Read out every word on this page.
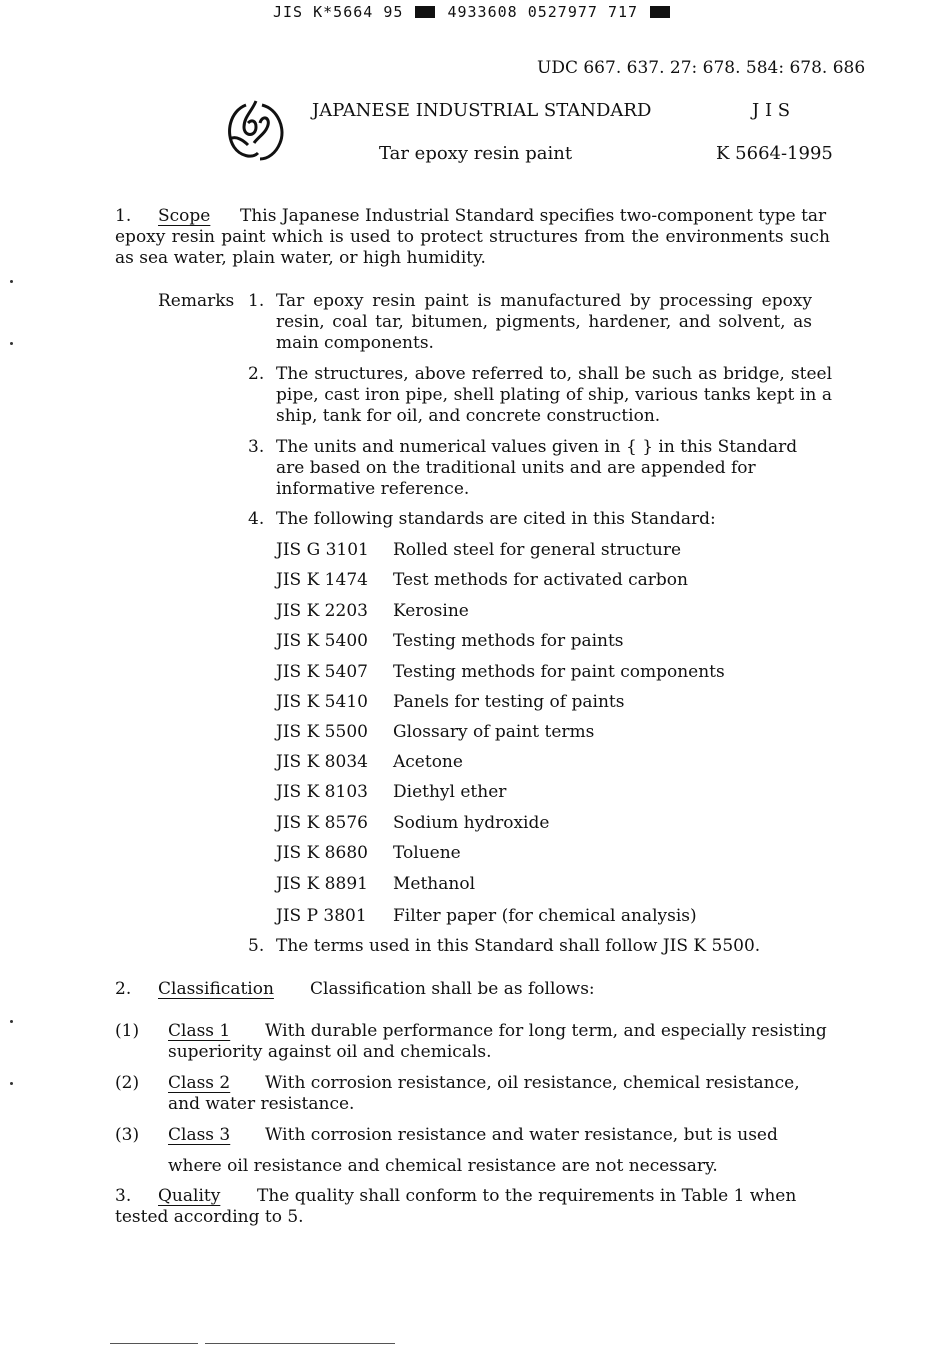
JIS K*5664 95	4933608 0527977 717
UDC 667. 637. 27: 678. 584: 678. 686
JAPANESE INDUSTRIAL STANDARD	J I S
Tar epoxy resin paint	K 5664-1995
1. Scope This Japanese Industrial Standard specifies two-component type tar
epoxy resin paint which is used to protect structures from the environments such as sea water, plain water, or high humidity.
Remarks 1. Tar epoxy resin paint is manufactured by processing epoxy resin, coal tar, bitumen, pigments, hardener, and solvent, as main components.
2. The structures, above referred to, shall be such as bridge, steel pipe, cast iron pipe, shell plating of ship, various tanks kept in a ship, tank for oil, and concrete construction.
3. The units and numerical values given in { } in this Standard are based on the traditional units and are appended for informative reference.
4. The following standards are cited in this Standard:
JIS G 3101 Rolled steel for general structure
JIS K 1474 Test methods for activated carbon
JIS K 2203 Kerosine
JIS K 5400 Testing methods for paints
JIS K 5407 Testing methods for paint components
JIS K 5410 Panels for testing of paints
JIS K 5500 Glossary of paint terms
JIS K 8034 Acetone
JIS K 8103 Diethyl ether
JIS K 8576 Sodium hydroxide
JIS K 8680 Toluene
JIS K 8891 Methanol
JIS P 3801 Filter paper (for chemical analysis)
5. The terms used in this Standard shall follow JIS K 5500.
2. Classification Classification shall be as follows:
(1) Class 1 With durable performance for long term, and especially resisting
superiority against oil and chemicals.
(2) Class 2 With corrosion resistance, oil resistance, chemical resistance,
and water resistance.
(3) Class 3 With corrosion resistance and water resistance, but is used
where oil resistance and chemical resistance are not necessary.
3. Quality The quality shall conform to the requirements in Table 1 when
tested according to 5.
